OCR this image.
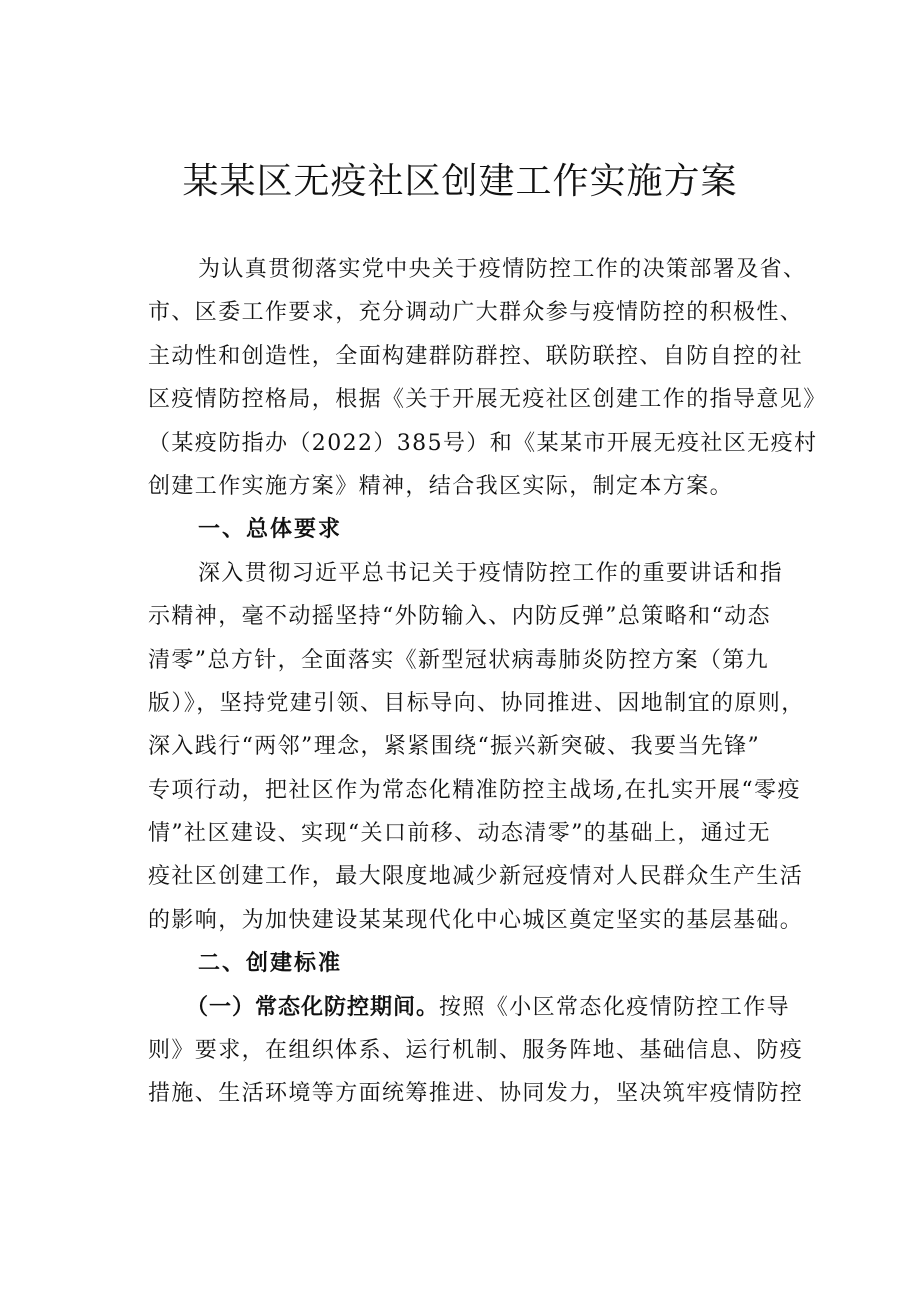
某某区无疫社区创建工作实施方案
为认真贯彻落实党中央关于疫情防控工作的决策部署及省、
市、区委工作要求，充分调动广大群众参与疫情防控的积极性、
主动性和创造性，全面构建群防群控、联防联控、自防自控的社
区疫情防控格局，根据《关于开展无疫社区创建工作的指导意见》
（某疫防指办（2022）385号）和《某某市开展无疫社区无疫村
创建工作实施方案》精神，结合我区实际，制定本方案。
一、总体要求
深入贯彻习近平总书记关于疫情防控工作的重要讲话和指
示精神，毫不动摇坚持“外防输入、内防反弹”总策略和“动态
清零”总方针，全面落实《新型冠状病毒肺炎防控方案（第九
版）》，坚持党建引领、目标导向、协同推进、因地制宜的原则，
深入践行“两邻”理念，紧紧围绕“振兴新突破、我要当先锋”
专项行动，把社区作为常态化精准防控主战场,在扎实开展“零疫
情”社区建设、实现“关口前移、动态清零”的基础上，通过无
疫社区创建工作，最大限度地减少新冠疫情对人民群众生产生活
的影响，为加快建设某某现代化中心城区奠定坚实的基层基础。
二、创建标准
（一）常态化防控期间。按照《小区常态化疫情防控工作导
则》要求，在组织体系、运行机制、服务阵地、基础信息、防疫
措施、生活环境等方面统筹推进、协同发力，坚决筑牢疫情防控
